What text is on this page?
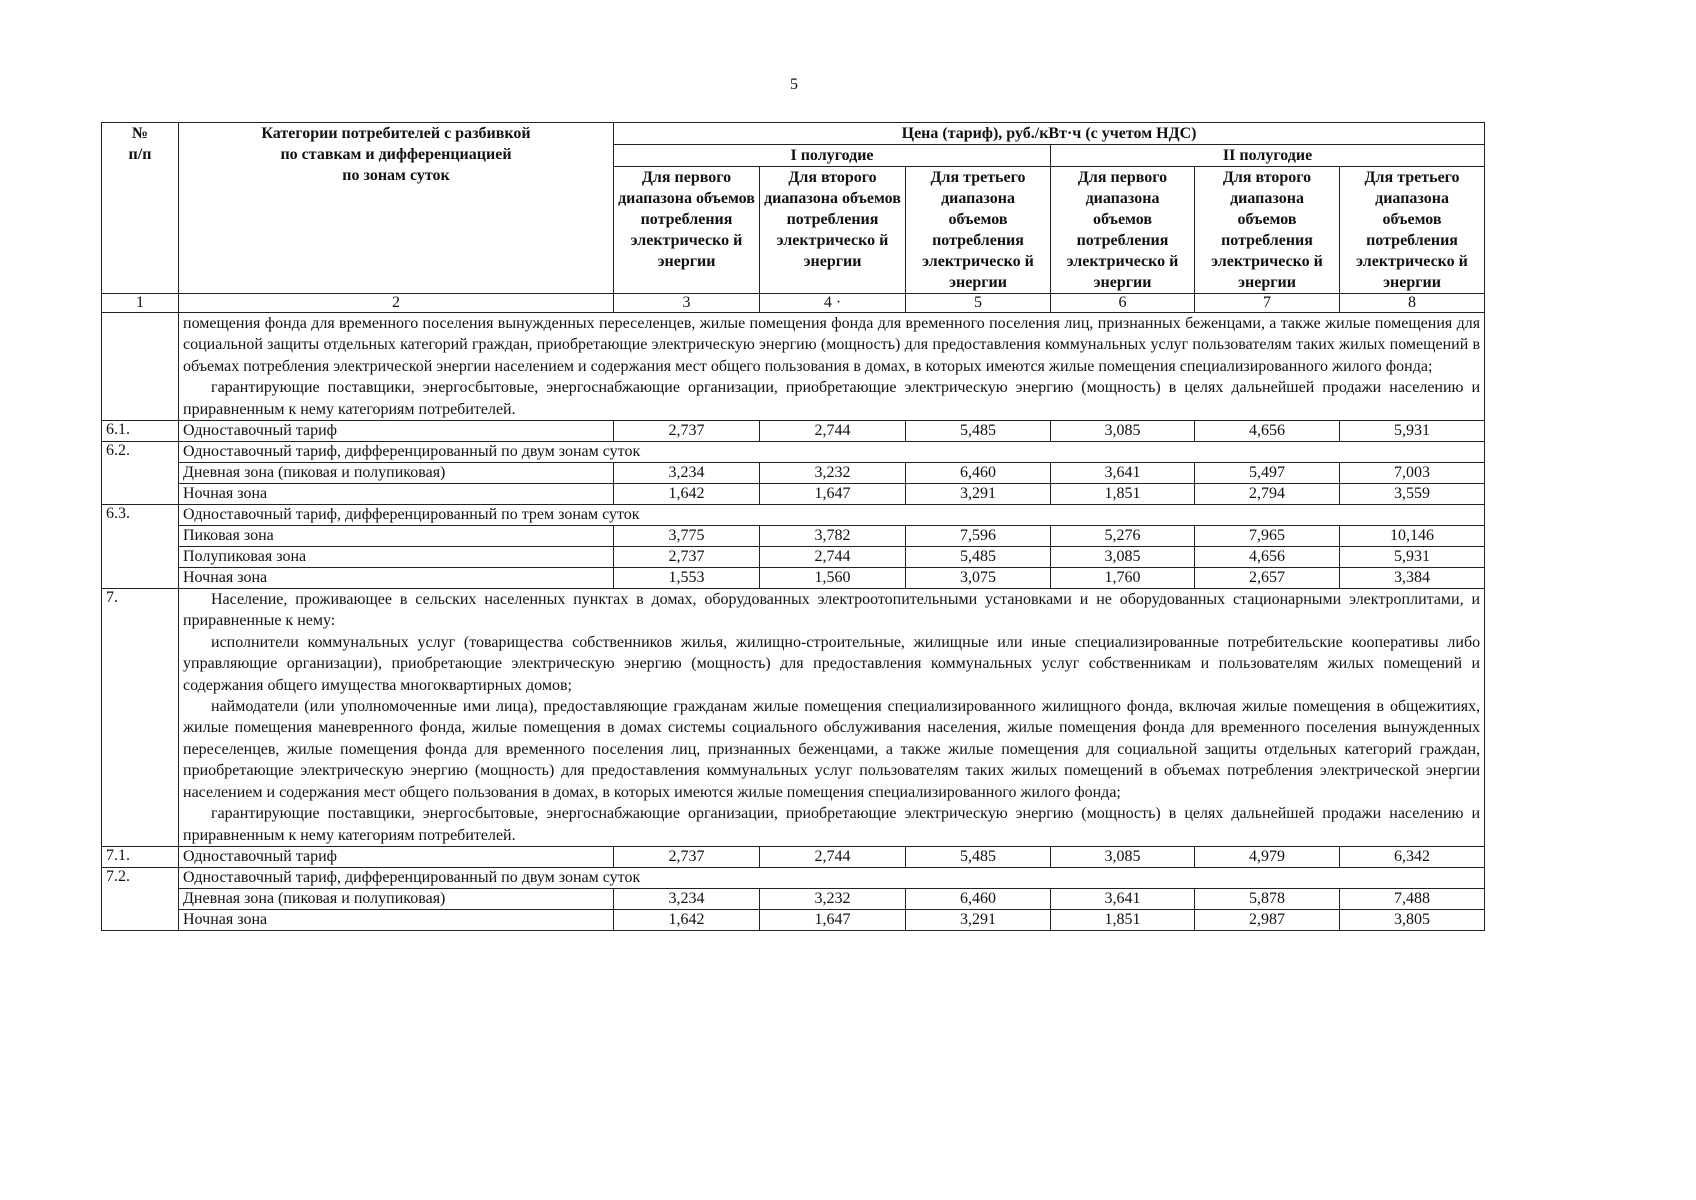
5
№
п/п	Категории потребителей с разбивкой
по ставкам и дифференциацией
по зонам суток	Цена (тариф), руб./кВт·ч (с учетом НДС)					
		I полугодие			II полугодие		
		Для первого диапазона объемов потребления электрическо й энергии	Для второго диапазона объемов потребления электрическо й энергии	Для третьего диапазона объемов потребления электрическо й энергии	Для первого диапазона объемов потребления электрическо й энергии	Для второго диапазона объемов потребления электрическо й энергии	Для третьего диапазона объемов потребления электрическо й энергии
1	2	3	4 ·	5	6	7	8

	помещения фонда для временного поселения вынужденных переселенцев, жилые помещения фонда для временного поселения лиц, признанных беженцами, а также жилые помещения для социальной защиты отдельных категорий граждан, приобретающие электрическую энергию (мощность) для предоставления коммунальных услуг пользователям таких жилых помещений в объемах потребления электрической энергии населением и содержания мест общего пользования в домах, в которых имеются жилые помещения специализированного жилого фонда;

гарантирующие поставщики, энергосбытовые, энергоснабжающие организации, приобретающие электрическую энергию (мощность) в целях дальнейшей продажи населению и приравненным к нему категориям потребителей.						

6.1.	Одноставочный тариф	2,737	2,744	5,485	3,085	4,656	5,931
6.2.	Одноставочный тариф, дифференцированный по двум зонам суток						
	Дневная зона (пиковая и полупиковая)	3,234	3,232	6,460	3,641	5,497	7,003
	Ночная зона	1,642	1,647	3,291	1,851	2,794	3,559
6.3.	Одноставочный тариф, дифференцированный по трем зонам суток						
	Пиковая зона	3,775	3,782	7,596	5,276	7,965	10,146
	Полупиковая зона	2,737	2,744	5,485	3,085	4,656	5,931
	Ночная зона	1,553	1,560	3,075	1,760	2,657	3,384
7.	Население, проживающее в сельских населенных пунктах в домах, оборудованных электроотопительными установками и не оборудованных стационарными электроплитами, и приравненные к нему:

исполнители коммунальных услуг (товарищества собственников жилья, жилищно-строительные, жилищные или иные специализированные потребительские кооперативы либо управляющие организации), приобретающие электрическую энергию (мощность) для предоставления коммунальных услуг собственникам и пользователям жилых помещений и содержания общего имущества многоквартирных домов;

наймодатели (или уполномоченные ими лица), предоставляющие гражданам жилые помещения специализированного жилищного фонда, включая жилые помещения в общежитиях, жилые помещения маневренного фонда, жилые помещения в домах системы социального обслуживания населения, жилые помещения фонда для временного поселения вынужденных переселенцев, жилые помещения фонда для временного поселения лиц, признанных беженцами, а также жилые помещения для социальной защиты отдельных категорий граждан, приобретающие электрическую энергию (мощность) для предоставления коммунальных услуг пользователям таких жилых помещений в объемах потребления электрической энергии населением и содержания мест общего пользования в домах, в которых имеются жилые помещения специализированного жилого фонда;

гарантирующие поставщики, энергосбытовые, энергоснабжающие организации, приобретающие электрическую энергию (мощность) в целях дальнейшей продажи населению и приравненным к нему категориям потребителей.						

7.1.	Одноставочный тариф	2,737	2,744	5,485	3,085	4,979	6,342
7.2.	Одноставочный тариф, дифференцированный по двум зонам суток						
	Дневная зона (пиковая и полупиковая)	3,234	3,232	6,460	3,641	5,878	7,488
	Ночная зона	1,642	1,647	3,291	1,851	2,987	3,805
